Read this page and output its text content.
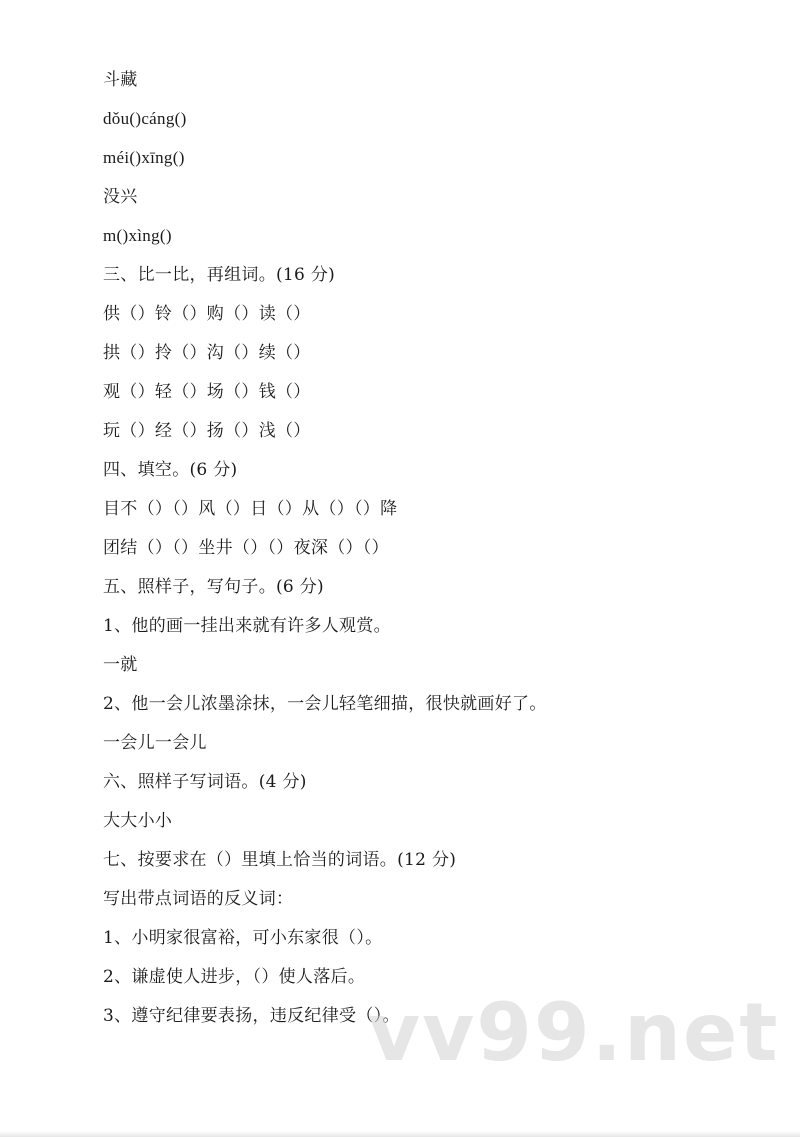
斗藏
dǒu()cáng()
méi()xīng()
没兴
m()xìng()
三、比一比，再组词。(16 分)
供（）铃（）购（）读（）
拱（）拎（）沟（）续（）
观（）轻（）场（）钱（）
玩（）经（）扬（）浅（）
四、填空。(6 分)
目不（）（）风（）日（）从（）（）降
团结（）（）坐井（）（）夜深（）（）
五、照样子，写句子。(6 分)
1、他的画一挂出来就有许多人观赏。
一就
2、他一会儿浓墨涂抹，一会儿轻笔细描，很快就画好了。
一会儿一会儿
六、照样子写词语。(4 分)
大大小小
七、按要求在（）里填上恰当的词语。(12 分)
写出带点词语的反义词：
1、小明家很富裕，可小东家很（）。
2、谦虚使人进步，（）使人落后。
3、遵守纪律要表扬，违反纪律受（）。
vv99.net
